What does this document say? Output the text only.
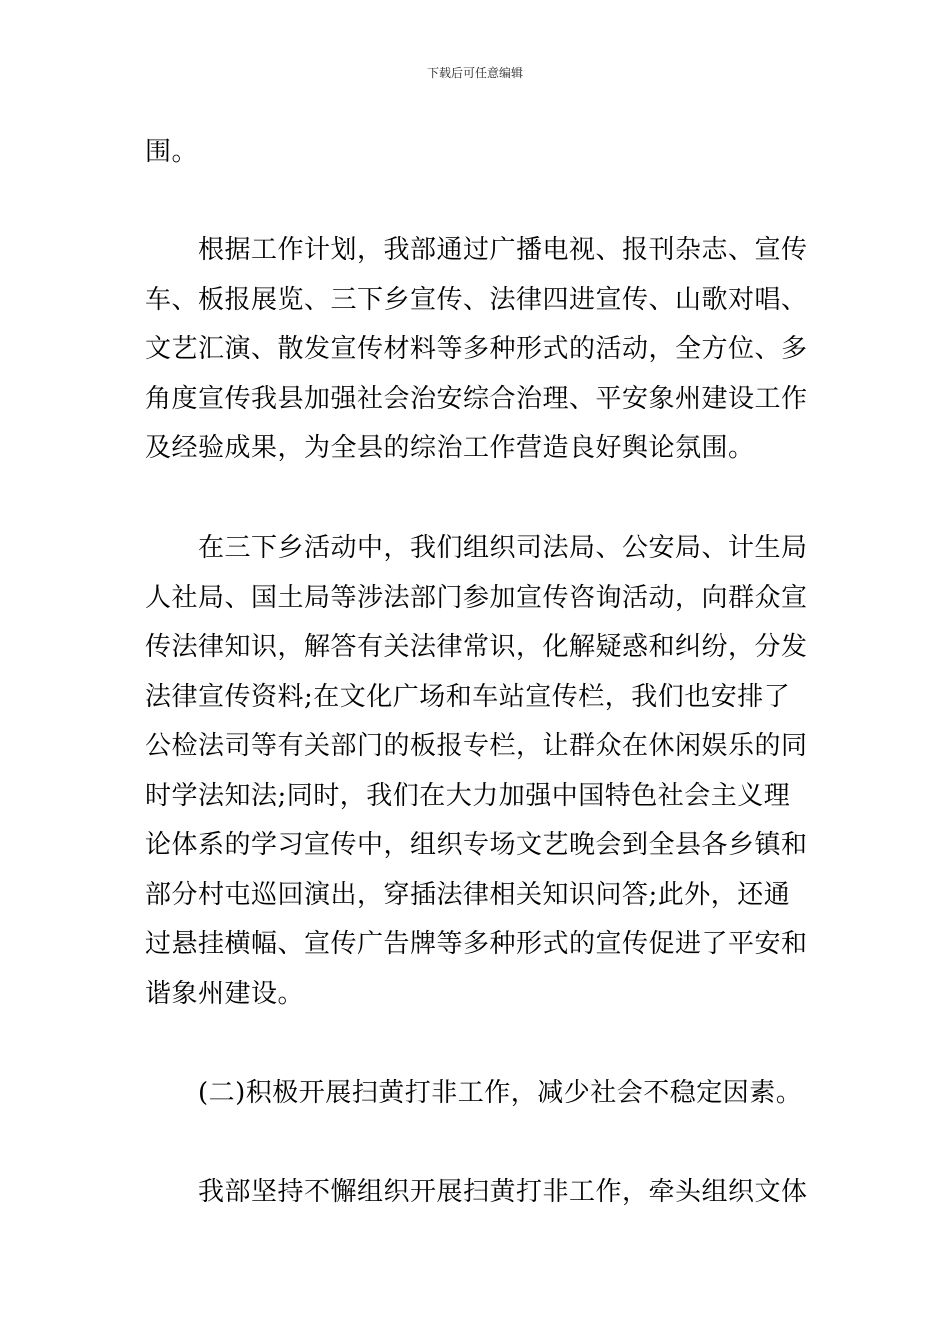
下载后可任意编辑

围。

根据工作计划，我部通过广播电视、报刊杂志、宣传车、板报展览、三下乡宣传、法律四进宣传、山歌对唱、文艺汇演、散发宣传材料等多种形式的活动，全方位、多角度宣传我县加强社会治安综合治理、平安象州建设工作及经验成果，为全县的综治工作营造良好舆论氛围。

在三下乡活动中，我们组织司法局、公安局、计生局人社局、国土局等涉法部门参加宣传咨询活动，向群众宣传法律知识，解答有关法律常识，化解疑惑和纠纷，分发法律宣传资料;在文化广场和车站宣传栏，我们也安排了公检法司等有关部门的板报专栏，让群众在休闲娱乐的同时学法知法;同时，我们在大力加强中国特色社会主义理论体系的学习宣传中，组织专场文艺晚会到全县各乡镇和部分村屯巡回演出，穿插法律相关知识问答;此外，还通过悬挂横幅、宣传广告牌等多种形式的宣传促进了平安和谐象州建设。

(二)积极开展扫黄打非工作，减少社会不稳定因素。

我部坚持不懈组织开展扫黄打非工作，牵头组织文体
